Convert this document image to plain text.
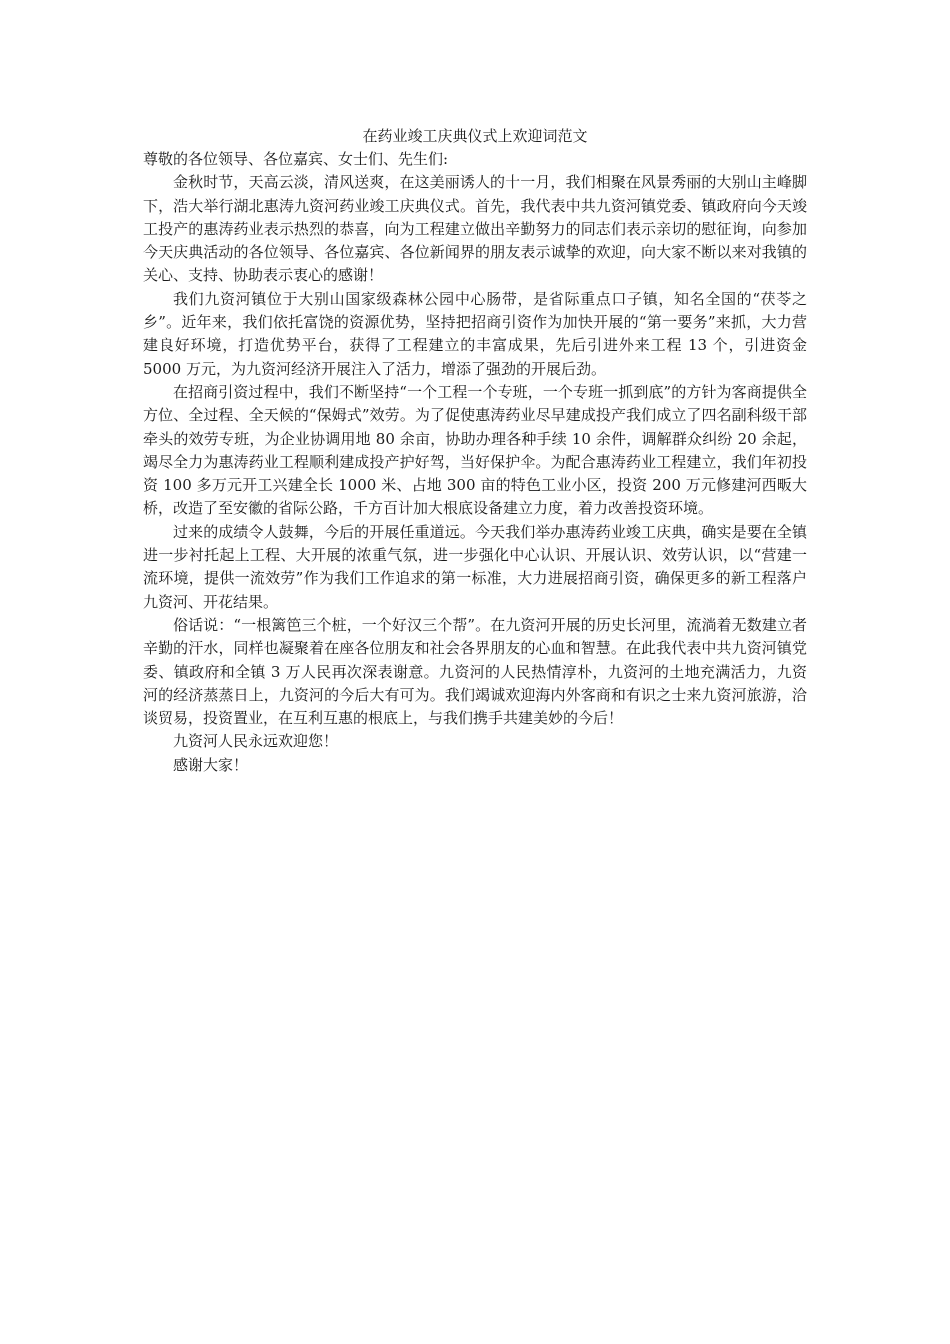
在药业竣工庆典仪式上欢迎词范文

尊敬的各位领导、各位嘉宾、女士们、先生们:

金秋时节，天高云淡，清风送爽，在这美丽诱人的十一月，我们相聚在风景秀丽的大别山主峰脚下，浩大举行湖北惠涛九资河药业竣工庆典仪式。首先，我代表中共九资河镇党委、镇政府向今天竣工投产的惠涛药业表示热烈的恭喜，向为工程建立做出辛勤努力的同志们表示亲切的慰征询，向参加今天庆典活动的各位领导、各位嘉宾、各位新闻界的朋友表示诚挚的欢迎，向大家不断以来对我镇的关心、支持、协助表示衷心的感谢！

我们九资河镇位于大别山国家级森林公园中心肠带，是省际重点口子镇，知名全国的“茯苓之乡”。近年来，我们依托富饶的资源优势，坚持把招商引资作为加快开展的“第一要务”来抓，大力营建良好环境，打造优势平台，获得了工程建立的丰富成果，先后引进外来工程 13 个，引进资金 5000 万元，为九资河经济开展注入了活力，增添了强劲的开展后劲。

在招商引资过程中，我们不断坚持“一个工程一个专班，一个专班一抓到底”的方针为客商提供全方位、全过程、全天候的“保姆式”效劳。为了促使惠涛药业尽早建成投产我们成立了四名副科级干部牵头的效劳专班，为企业协调用地 80 余亩，协助办理各种手续 10 余件，调解群众纠纷 20 余起，竭尽全力为惠涛药业工程顺利建成投产护好驾，当好保护伞。为配合惠涛药业工程建立，我们年初投资 100 多万元开工兴建全长 1000 米、占地 300 亩的特色工业小区，投资 200 万元修建河西畈大桥，改造了至安徽的省际公路，千方百计加大根底设备建立力度，着力改善投资环境。

过来的成绩令人鼓舞，今后的开展任重道远。今天我们举办惠涛药业竣工庆典，确实是要在全镇进一步衬托起上工程、大开展的浓重气氛，进一步强化中心认识、开展认识、效劳认识，以“营建一流环境，提供一流效劳”作为我们工作追求的第一标准，大力进展招商引资，确保更多的新工程落户九资河、开花结果。

俗话说：“一根篱笆三个桩，一个好汉三个帮”。在九资河开展的历史长河里，流淌着无数建立者辛勤的汗水，同样也凝聚着在座各位朋友和社会各界朋友的心血和智慧。在此我代表中共九资河镇党委、镇政府和全镇 3 万人民再次深表谢意。九资河的人民热情淳朴，九资河的土地充满活力，九资河的经济蒸蒸日上，九资河的今后大有可为。我们竭诚欢迎海内外客商和有识之士来九资河旅游，洽谈贸易，投资置业，在互利互惠的根底上，与我们携手共建美妙的今后！

九资河人民永远欢迎您！

感谢大家！
